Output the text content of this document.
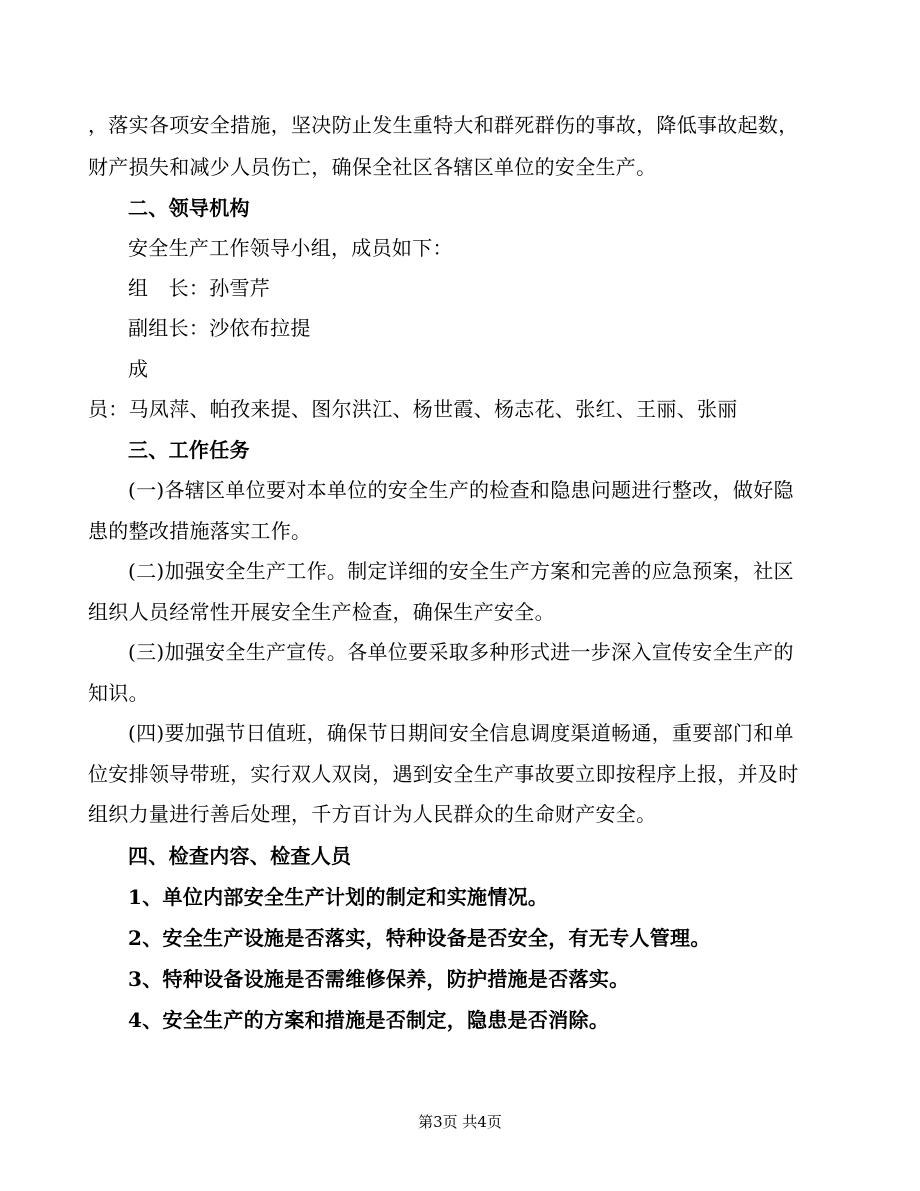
，落实各项安全措施，坚决防止发生重特大和群死群伤的事故，降低事故起数，
财产损失和减少人员伤亡，确保全社区各辖区单位的安全生产。
二、领导机构
安全生产工作领导小组，成员如下：
组　长：孙雪芹
副组长：沙依布拉提
成
员：马凤萍、帕孜来提、图尔洪江、杨世霞、杨志花、张红、王丽、张丽
三、工作任务
(一)各辖区单位要对本单位的安全生产的检查和隐患问题进行整改，做好隐
患的整改措施落实工作。
(二)加强安全生产工作。制定详细的安全生产方案和完善的应急预案，社区
组织人员经常性开展安全生产检查，确保生产安全。
(三)加强安全生产宣传。各单位要采取多种形式进一步深入宣传安全生产的
知识。
(四)要加强节日值班，确保节日期间安全信息调度渠道畅通，重要部门和单
位安排领导带班，实行双人双岗，遇到安全生产事故要立即按程序上报，并及时
组织力量进行善后处理，千方百计为人民群众的生命财产安全。
四、检查内容、检查人员
1、单位内部安全生产计划的制定和实施情况。
2、安全生产设施是否落实，特种设备是否安全，有无专人管理。
3、特种设备设施是否需维修保养，防护措施是否落实。
4、安全生产的方案和措施是否制定，隐患是否消除。
第3页 共4页
